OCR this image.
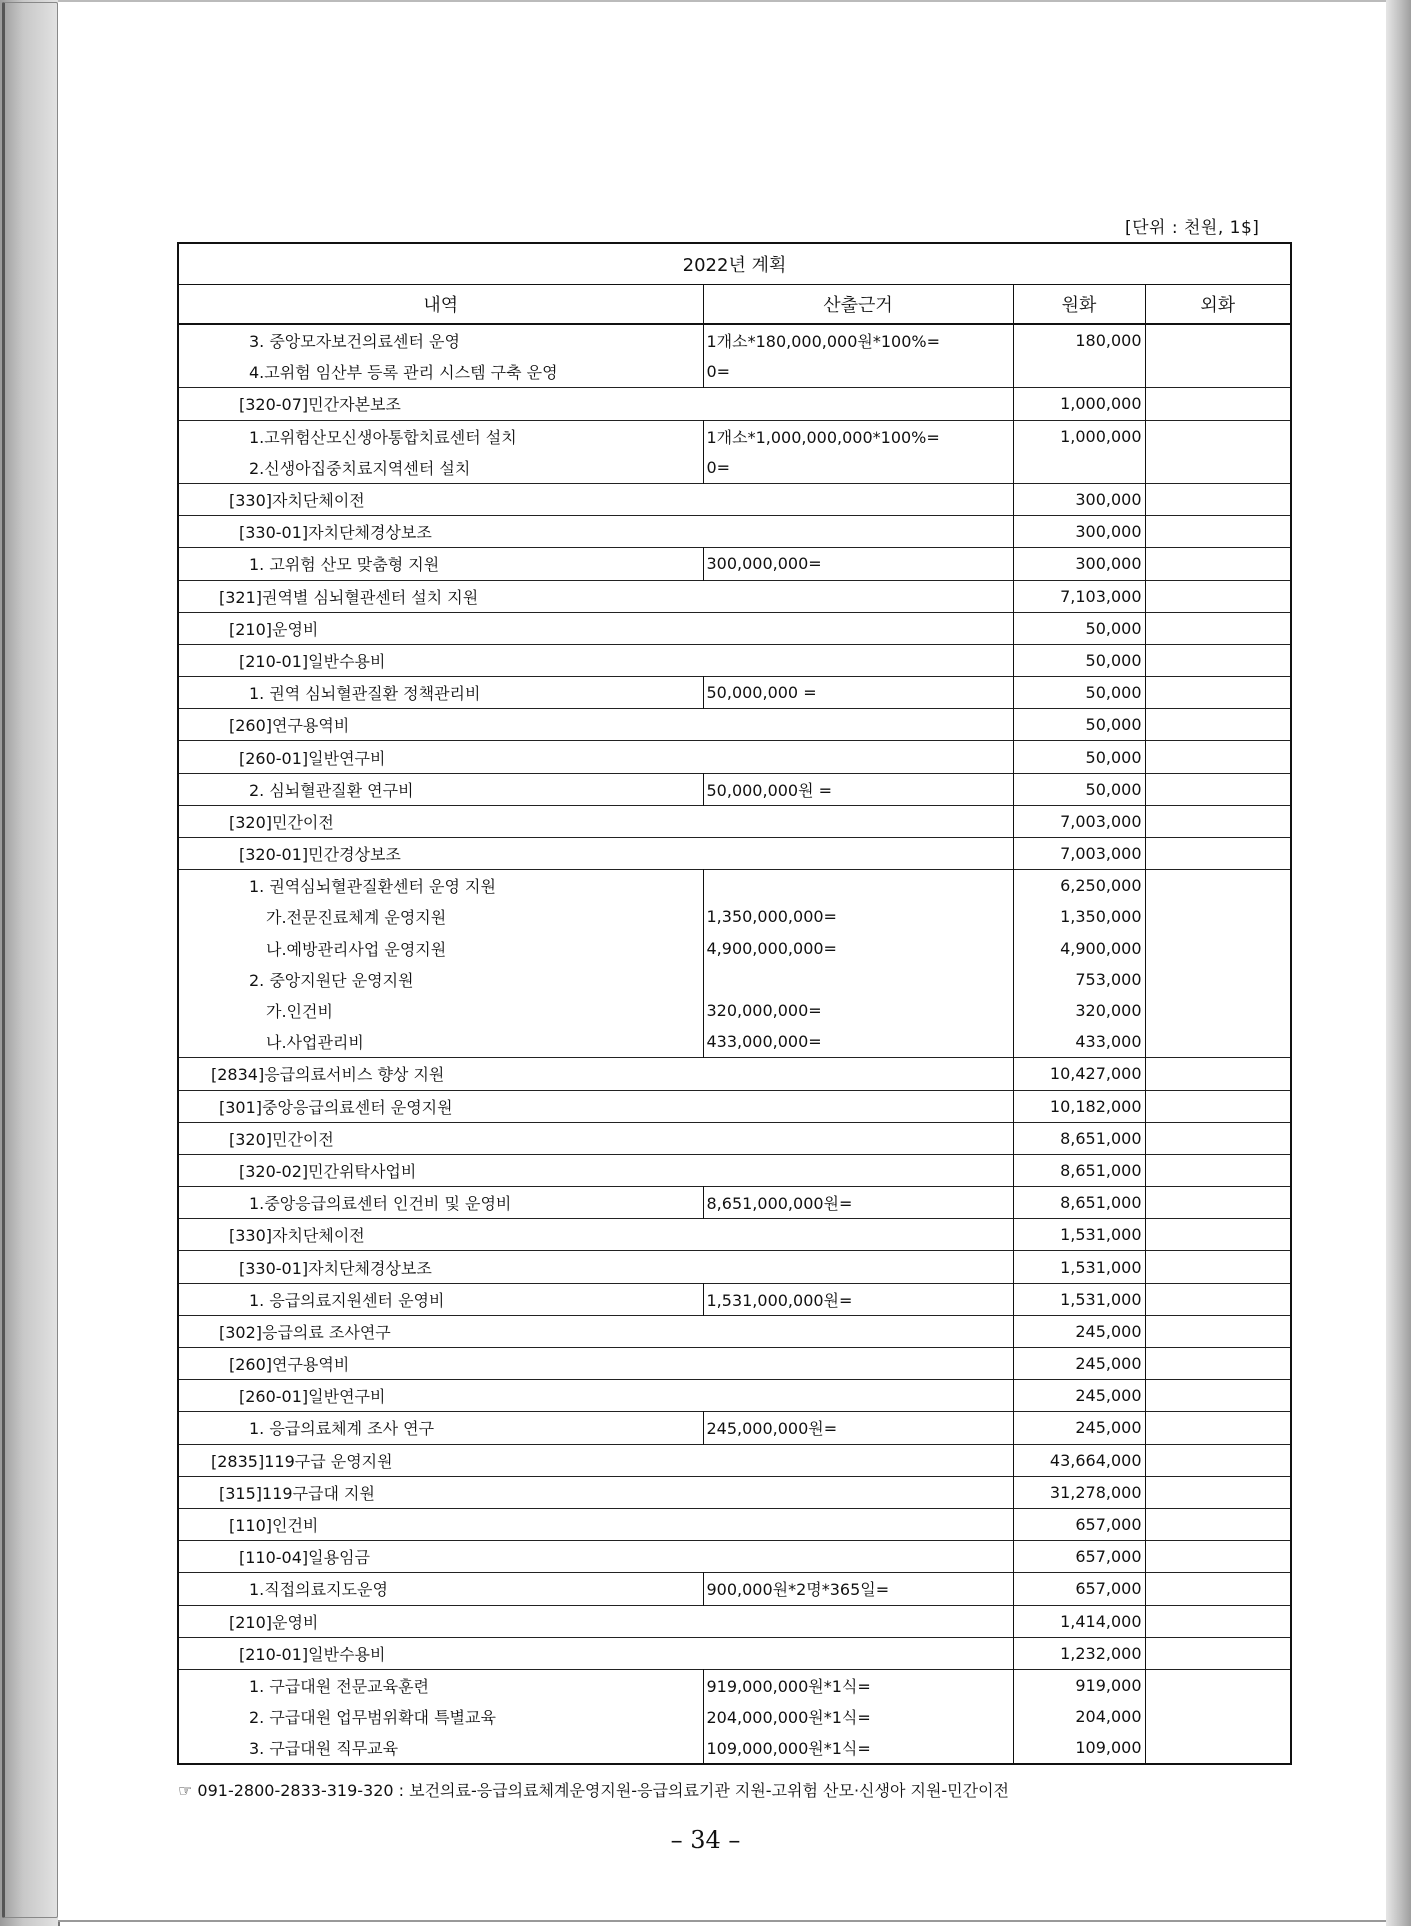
[단위 : 천원, 1$]
2022년 계획			
내역	산출근거	원화	외화
3. 중앙모자보건의료센터 운영	1개소*180,000,000원*100%=	180,000	
4.고위험 임산부 등록 관리 시스템 구축 운영	0=		
[320-07]민간자본보조		1,000,000	
1.고위험산모신생아통합치료센터 설치	1개소*1,000,000,000*100%=	1,000,000	
2.신생아집중치료지역센터 설치	0=		
[330]자치단체이전		300,000	
[330-01]자치단체경상보조		300,000	
1. 고위험 산모 맞춤형 지원	300,000,000=	300,000	
[321]권역별 심뇌혈관센터 설치 지원		7,103,000	
[210]운영비		50,000	
[210-01]일반수용비		50,000	
1. 권역 심뇌혈관질환 정책관리비	50,000,000 =	50,000	
[260]연구용역비		50,000	
[260-01]일반연구비		50,000	
2. 심뇌혈관질환 연구비	50,000,000원 =	50,000	
[320]민간이전		7,003,000	
[320-01]민간경상보조		7,003,000	
1. 권역심뇌혈관질환센터 운영 지원		6,250,000	
가.전문진료체계 운영지원	1,350,000,000=	1,350,000	
나.예방관리사업 운영지원	4,900,000,000=	4,900,000	
2. 중앙지원단 운영지원		753,000	
가.인건비	320,000,000=	320,000	
나.사업관리비	433,000,000=	433,000	
[2834]응급의료서비스 향상 지원		10,427,000	
[301]중앙응급의료센터 운영지원		10,182,000	
[320]민간이전		8,651,000	
[320-02]민간위탁사업비		8,651,000	
1.중앙응급의료센터 인건비 및 운영비	8,651,000,000원=	8,651,000	
[330]자치단체이전		1,531,000	
[330-01]자치단체경상보조		1,531,000	
1. 응급의료지원센터 운영비	1,531,000,000원=	1,531,000	
[302]응급의료 조사연구		245,000	
[260]연구용역비		245,000	
[260-01]일반연구비		245,000	
1. 응급의료체계 조사 연구	245,000,000원=	245,000	
[2835]119구급 운영지원		43,664,000	
[315]119구급대 지원		31,278,000	
[110]인건비		657,000	
[110-04]일용임금		657,000	
1.직접의료지도운영	900,000원*2명*365일=	657,000	
[210]운영비		1,414,000	
[210-01]일반수용비		1,232,000	
1. 구급대원 전문교육훈련	919,000,000원*1식=	919,000	
2. 구급대원 업무범위확대 특별교육	204,000,000원*1식=	204,000	
3. 구급대원 직무교육	109,000,000원*1식=	109,000	
☞ 091-2800-2833-319-320 : 보건의료-응급의료체계운영지원-응급의료기관 지원-고위험 산모·신생아 지원-민간이전
– 34 –
